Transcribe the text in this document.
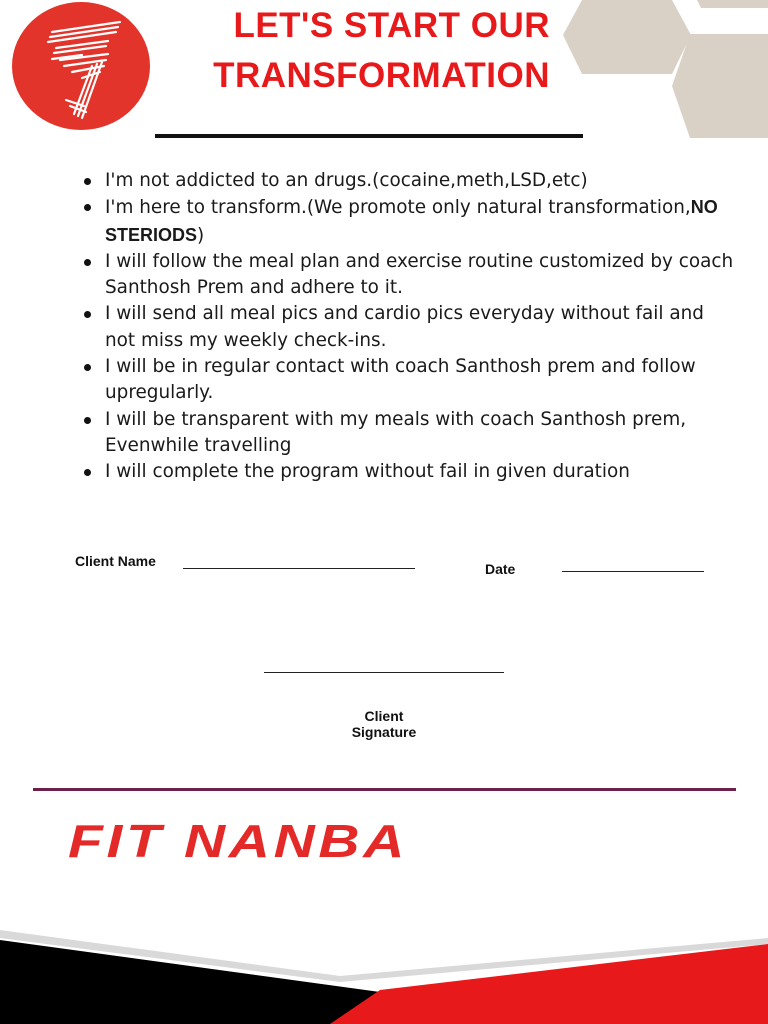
LET'S START OUR
TRANSFORMATION
I'm not addicted to an drugs.(cocaine,meth,LSD,etc)
I'm here to transform.(We promote only natural transformation,NO STERIODS)
I will follow the meal plan and exercise routine customized by coach Santhosh Prem and adhere to it.
I will send all meal pics and cardio pics everyday without fail and not miss my weekly check-ins.
I will be in regular contact with coach Santhosh prem and follow upregularly.
I will be transparent with my meals with coach Santhosh prem, Evenwhile travelling
I will complete the program without fail in given duration
Client Name	Date
Client
Signature
FIT NANBA
